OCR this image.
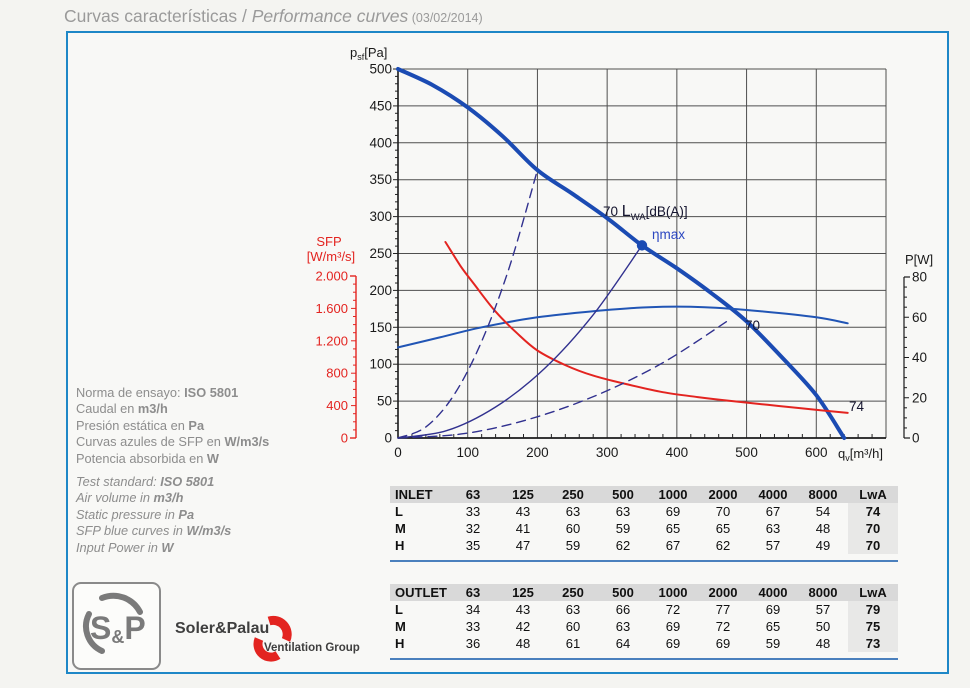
Curvas características / Performance curves (03/02/2014)
0	100	200	300	400	500	600
500
450
400
350
300
250
200
150
100
50
0
2.000
1.600
1.200
800
400
0
80
60
40
20
0
$p_{sf}[Pa]$
$q_v[m^3/h]$
SFP
[W/m³/s]	P[W]
70 $L_{WA}[dB(A)]$
ηmax
70
74
Norma de ensayo: ISO 5801
Caudal en m3/h
Presión estática en Pa
Curvas azules de SFP en W/m3/s
Potencia absorbida en W
Test standard: ISO 5801
Air volume in m3/h
Static pressure in Pa
SFP blue curves in W/m3/s
Input Power in W
INLET	63	125	250	500	1000	2000	4000	8000	LwA
L	33	43	63	63	69	70	67	54	74
M	32	41	60	59	65	65	63	48	70
H	35	47	59	62	67	62	57	49	70

OUTLET	63	125	250	500	1000	2000	4000	8000	LwA
L	34	43	63	66	72	77	69	57	79
M	33	42	60	63	69	72	65	50	75
H	36	48	61	64	69	69	59	48	73

S&P Soler&Palau
Ventilation Group
